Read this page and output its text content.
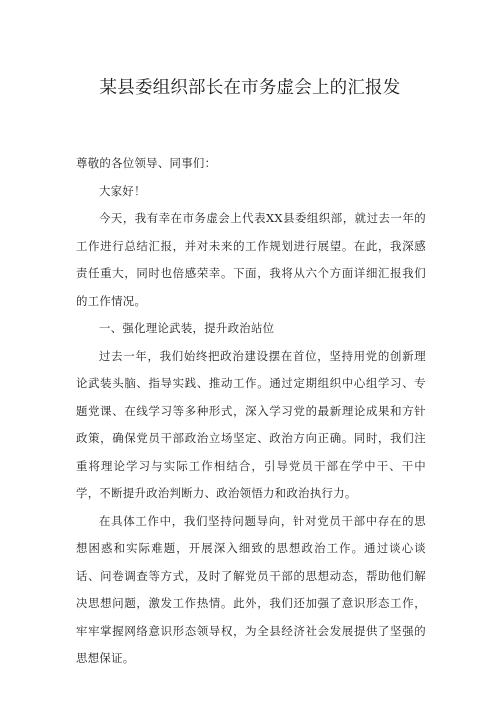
某县委组织部长在市务虚会上的汇报发

尊敬的各位领导、同事们：

大家好！

今天，我有幸在市务虚会上代表XX县委组织部，就过去一年的工作进行总结汇报，并对未来的工作规划进行展望。在此，我深感责任重大，同时也倍感荣幸。下面，我将从六个方面详细汇报我们的工作情况。

一、强化理论武装，提升政治站位

过去一年，我们始终把政治建设摆在首位，坚持用党的创新理论武装头脑、指导实践、推动工作。通过定期组织中心组学习、专题党课、在线学习等多种形式，深入学习党的最新理论成果和方针政策，确保党员干部政治立场坚定、政治方向正确。同时，我们注重将理论学习与实际工作相结合，引导党员干部在学中干、干中学，不断提升政治判断力、政治领悟力和政治执行力。

在具体工作中，我们坚持问题导向，针对党员干部中存在的思想困惑和实际难题，开展深入细致的思想政治工作。通过谈心谈话、问卷调查等方式，及时了解党员干部的思想动态，帮助他们解决思想问题，激发工作热情。此外，我们还加强了意识形态工作，牢牢掌握网络意识形态领导权，为全县经济社会发展提供了坚强的思想保证。
